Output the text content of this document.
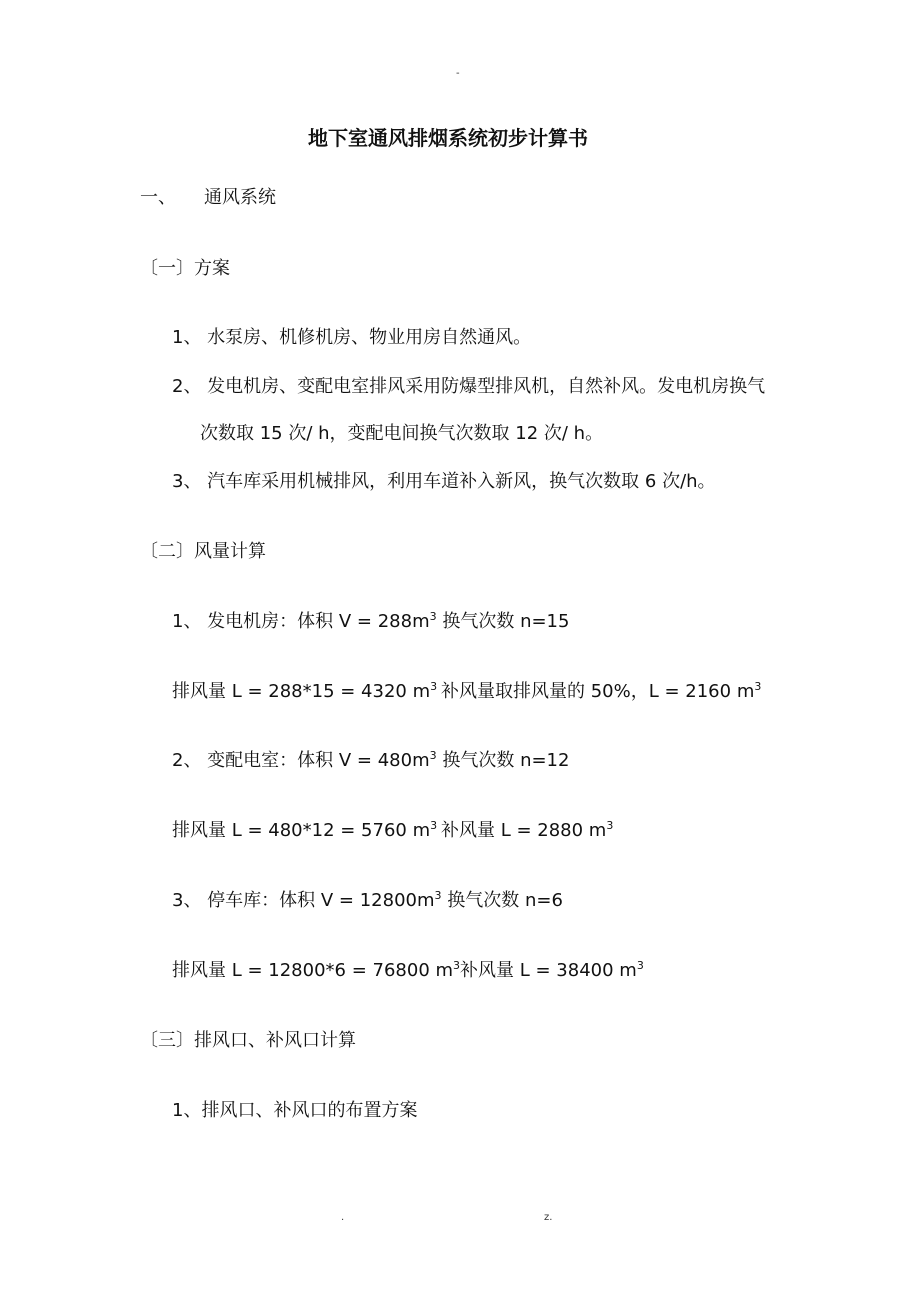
-
地下室通风排烟系统初步计算书
一、 通风系统
〔一〕方案
1、 水泵房、机修机房、物业用房自然通风。
2、 发电机房、变配电室排风采用防爆型排风机，自然补风。发电机房换气
次数取 15 次/ h，变配电间换气次数取 12 次/ h。
3、 汽车库采用机械排风，利用车道补入新风，换气次数取 6 次/h。
〔二〕风量计算
1、 发电机房：体积 $V = 288m^3$ 换气次数 n=15
排风量 L = 288*15 = 4320 $m^3$ 补风量取排风量的 50%，L = 2160 $m^3$
2、 变配电室：体积 $V = 480m^3$ 换气次数 n=12
排风量 L = 480*12 = 5760 $m^3$ 补风量 L = 2880 $m^3$
3、 停车库：体积 $V = 12800m^3$ 换气次数 n=6
排风量 L = 12800*6 = 76800 $m^3$补风量 L = 38400 $m^3$
〔三〕排风口、补风口计算
1、排风口、补风口的布置方案
.	z.
